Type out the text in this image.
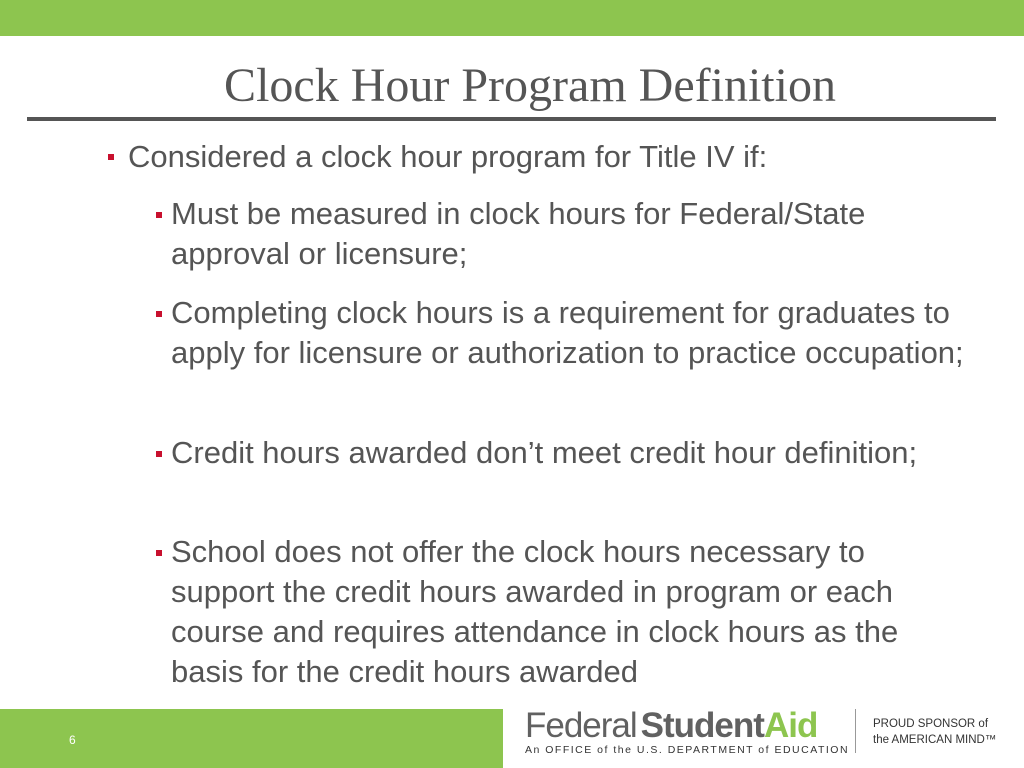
Clock Hour Program Definition
Considered a clock hour program for Title IV if:
Must be measured in clock hours for Federal/State approval or licensure;
Completing clock hours is a requirement for graduates to apply for licensure or authorization to practice occupation;
Credit hours awarded don’t meet credit hour definition;
School does not offer the clock hours necessary to support the credit hours awarded in program or each course and requires attendance in clock hours as the basis for the credit hours awarded
6	Federal StudentAid
An OFFICE of the U.S. DEPARTMENT of EDUCATION
PROUD SPONSOR of
the AMERICAN MIND™
